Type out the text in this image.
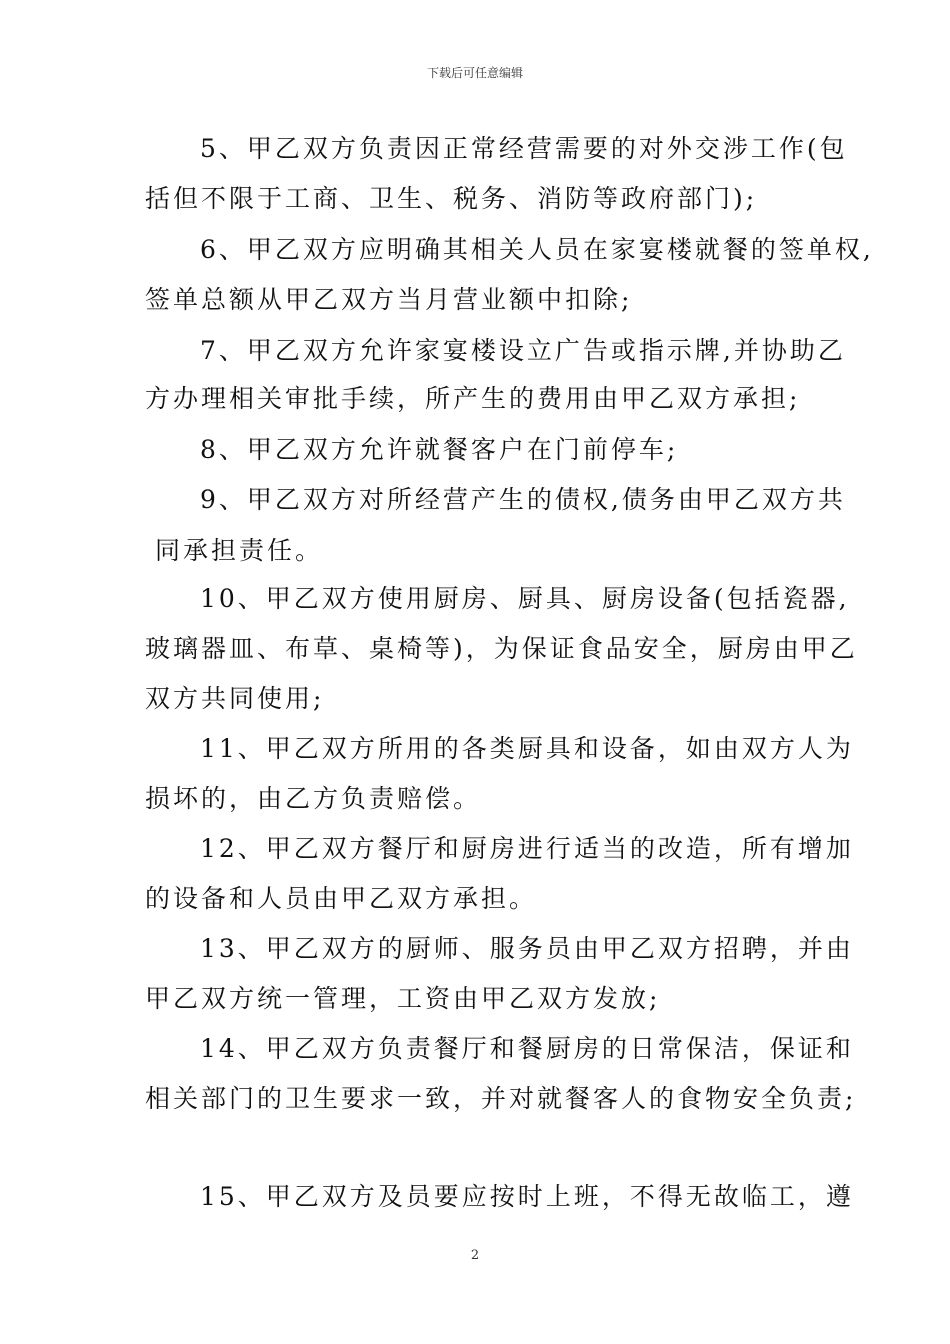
下载后可任意编辑
5、甲乙双方负责因正常经营需要的对外交涉工作(包
括但不限于工商、卫生、税务、消防等政府部门);
6、甲乙双方应明确其相关人员在家宴楼就餐的签单权,
签单总额从甲乙双方当月营业额中扣除;
7、甲乙双方允许家宴楼设立广告或指示牌,并协助乙
方办理相关审批手续，所产生的费用由甲乙双方承担;
8、甲乙双方允许就餐客户在门前停车;
9、甲乙双方对所经营产生的债权,债务由甲乙双方共
同承担责任。
10、甲乙双方使用厨房、厨具、厨房设备(包括瓷器,
玻璃器皿、布草、桌椅等)，为保证食品安全，厨房由甲乙
双方共同使用;
11、甲乙双方所用的各类厨具和设备，如由双方人为
损坏的，由乙方负责赔偿。
12、甲乙双方餐厅和厨房进行适当的改造，所有增加
的设备和人员由甲乙双方承担。
13、甲乙双方的厨师、服务员由甲乙双方招聘，并由
甲乙双方统一管理，工资由甲乙双方发放;
14、甲乙双方负责餐厅和餐厨房的日常保洁，保证和
相关部门的卫生要求一致，并对就餐客人的食物安全负责;
15、甲乙双方及员要应按时上班，不得无故临工，遵
2
